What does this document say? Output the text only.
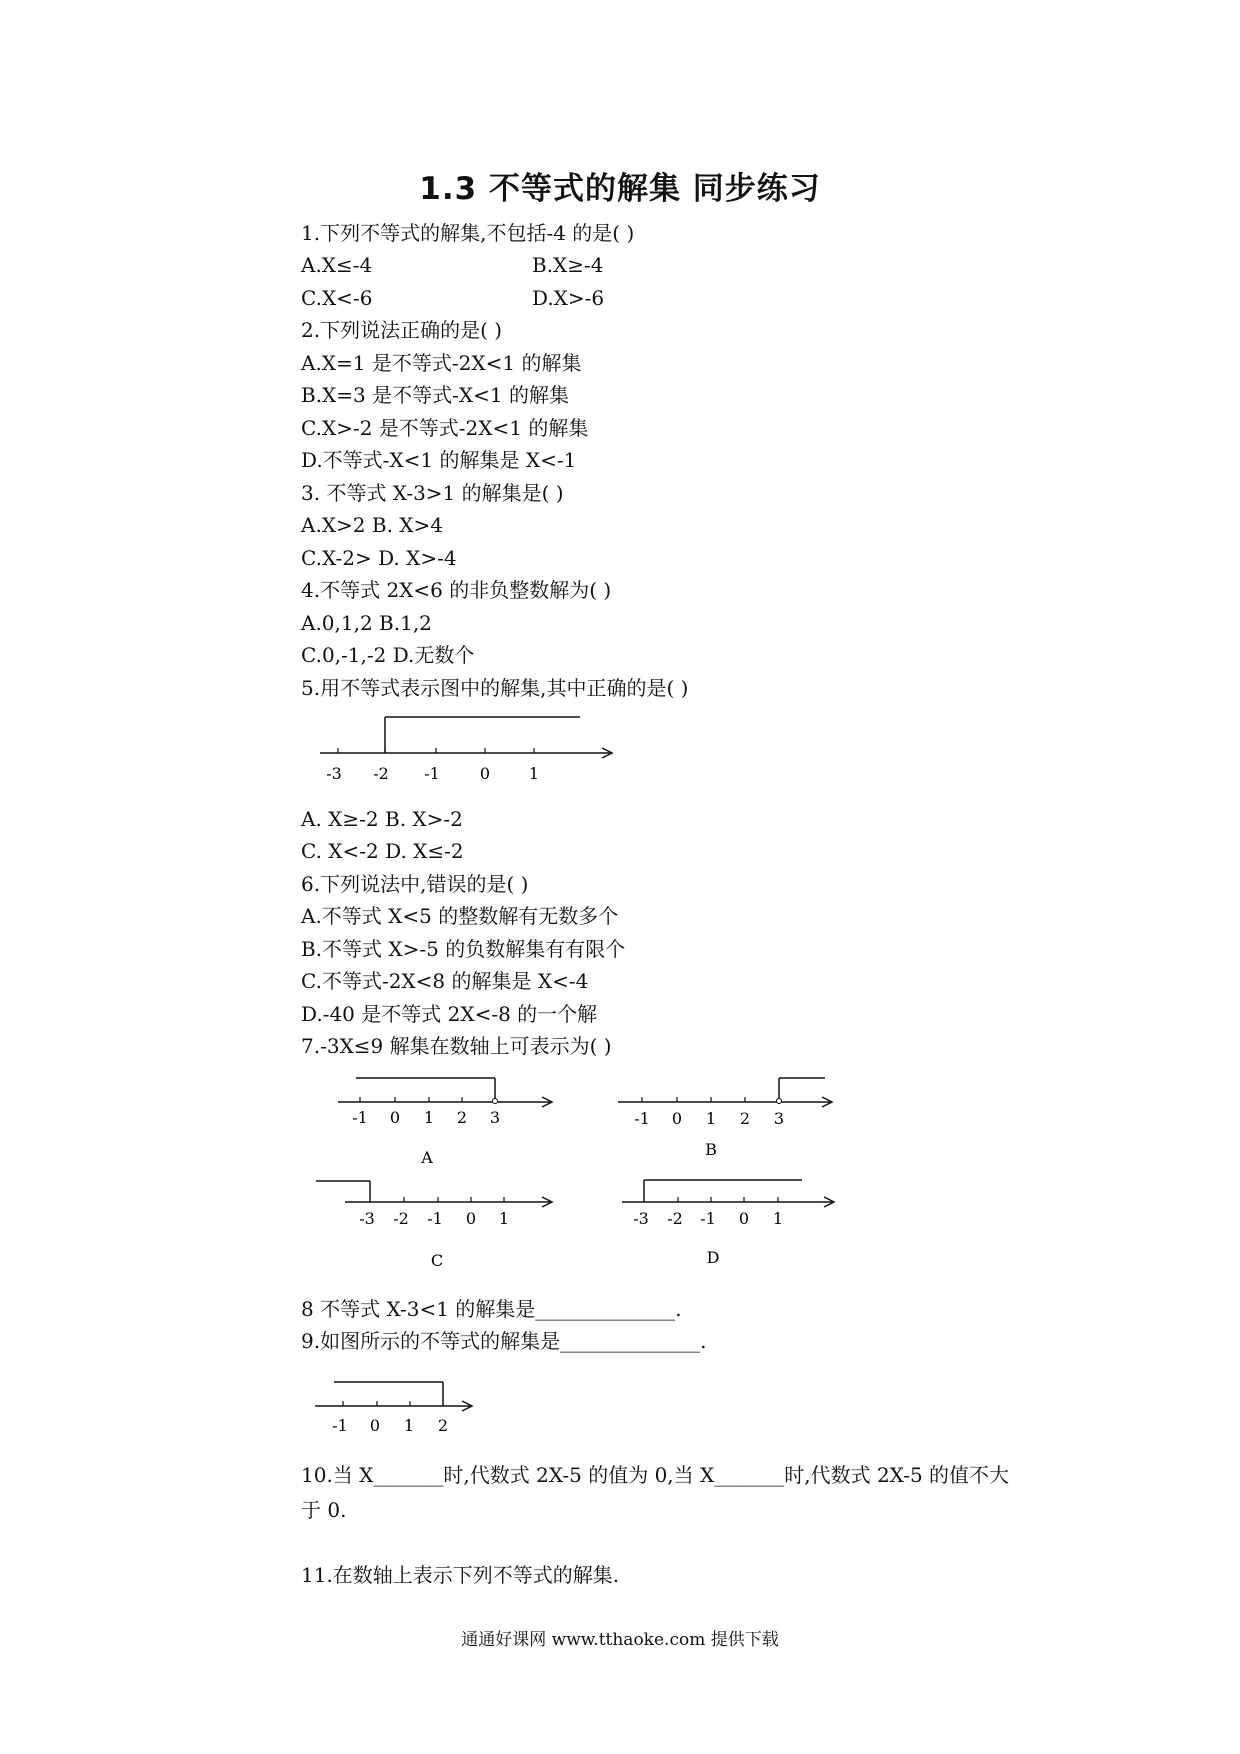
1.3 不等式的解集 同步练习
1.下列不等式的解集,不包括-4 的是( )
A.X≤-4	B.X≥-4
C.X<-6	D.X>-6
2.下列说法正确的是( )
A.X=1 是不等式-2X<1 的解集
B.X=3 是不等式-X<1 的解集
C.X>-2 是不等式-2X<1 的解集
D.不等式-X<1 的解集是 X<-1
3. 不等式 X-3>1 的解集是( )
A.X>2 B. X>4
C.X-2> D. X>-4
4.不等式 2X<6 的非负整数解为( )
A.0,1,2 B.1,2
C.0,-1,-2 D.无数个
5.用不等式表示图中的解集,其中正确的是( )
-3 -2 -1	0 1
A. X≥-2 B. X>-2
C. X<-2 D. X≤-2
6.下列说法中,错误的是( )
A.不等式 X<5 的整数解有无数多个
B.不等式 X>-5 的负数解集有有限个
C.不等式-2X<8 的解集是 X<-4
D.-40 是不等式 2X<-8 的一个解
7.-3X≤9 解集在数轴上可表示为( )
-1 0 1 2 3
A
-1 0 1 2 3
B
-3 -2 -1 0 1
C
-3 -2 -1 0 1
D
8 不等式 X-3<1 的解集是______________.
9.如图所示的不等式的解集是______________.
-1 0 1 2
10.当 X_______时,代数式 2X-5 的值为 0,当 X_______时,代数式 2X-5 的值不大
于 0.
11.在数轴上表示下列不等式的解集.
通通好课网 www.tthaoke.com 提供下载
